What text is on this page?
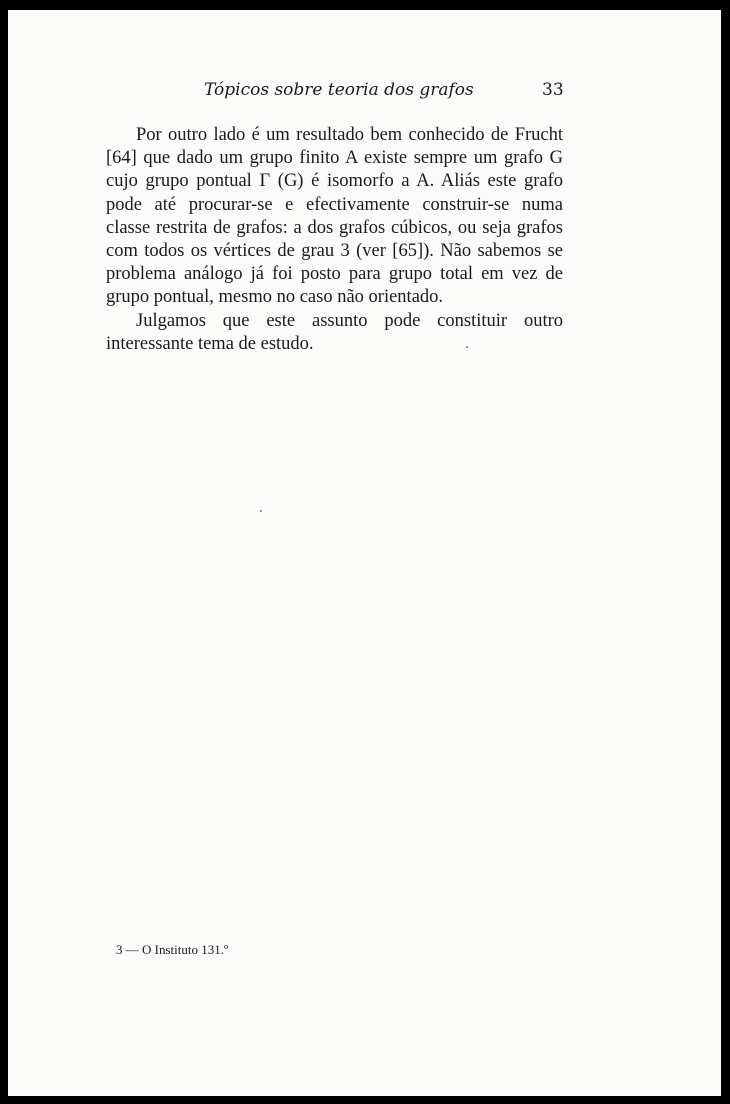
Tópicos sobre teoria dos grafos	33

Por outro lado é um resultado bem conhecido de Frucht [64] que dado um grupo finito A existe sempre um grafo G cujo grupo pontual Γ (G) é isomorfo a A. Aliás este grafo pode até procurar-se e efectivamente construir-se numa classe restrita de grafos: a dos grafos cúbicos, ou seja grafos com todos os vértices de grau 3 (ver [65]). Não sabemos se problema análogo já foi posto para grupo total em vez de grupo pontual, mesmo no caso não orientado.

Julgamos que este assunto pode constituir outro interessante tema de estudo.

3 — O Instituto 131.º
